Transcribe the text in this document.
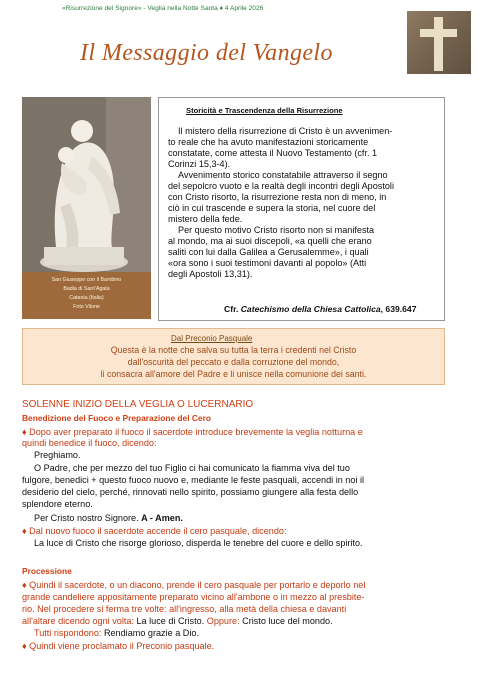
«Risurrezione del Signore» - Veglia nella Notte Santa ♦ 4 Aprile 2026
Il Messaggio del Vangelo
San Giuseppe con il Bambino
Badia di Sant'Agata
Catania (Italia)
Foto Vilone
Storicità e Trascendenza della Risurrezione
Il mistero della risurrezione di Cristo è un avvenimen-
to reale che ha avuto manifestazioni storicamente
constatate, come attesta il Nuovo Testamento (cfr. 1
Corinzi 15,3-4).
Avvenimento storico constatabile attraverso il segno
del sepolcro vuoto e la realtà degli incontri degli Apostoli
con Cristo risorto, la risurrezione resta non di meno, in
ciò in cui trascende e supera la storia, nel cuore del
mistero della fede.
Per questo motivo Cristo risorto non si manifesta
al mondo, ma ai suoi discepoli, «a quelli che erano
saliti con lui dalla Galilea a Gerusalemme», i quali
«ora sono i suoi testimoni davanti al popolo» (Atti
degli Apostoli 13,31).
Cfr. Catechismo della Chiesa Cattolica, 639.647
Dal Preconio Pasquale
Questa è la notte che salva su tutta la terra i credenti nel Cristo
dall'oscurità del peccato e dalla corruzione del mondo,
li consacra all'amore del Padre e li unisce nella comunione dei santi.
SOLENNE INIZIO DELLA VEGLIA O LUCERNARIO
Benedizione del Fuoco e Preparazione del Cero
♦ Dopo aver preparato il fuoco il sacerdote introduce brevemente la veglia notturna e
quindi benedice il fuoco, dicendo:
Preghiamo.
O Padre, che per mezzo del tuo Figlio ci hai comunicato la fiamma viva del tuo
fulgore, benedici + questo fuoco nuovo e, mediante le feste pasquali, accendi in noi il
desiderio del cielo, perché, rinnovati nello spirito, possiamo giungere alla festa dello
splendore eterno.
Per Cristo nostro Signore. A - Amen.
♦ Dal nuovo fuoco il sacerdote accende il cero pasquale, dicendo:
La luce di Cristo che risorge glorioso, disperda le tenebre del cuore e dello spirito.
Processione
♦ Quindi il sacerdote, o un diacono, prende il cero pasquale per portarlo e deporlo nel
grande candeliere appositamente preparato vicino all'ambone o in mezzo al presbite-
rio. Nel procedere si ferma tre volte: all'ingresso, alla metà della chiesa e davanti
all'altare dicendo ogni volta: La luce di Cristo. Oppure: Cristo luce del mondo.
Tutti rispondono: Rendiamo grazie a Dio.
♦ Quindi viene proclamato il Preconio pasquale.
